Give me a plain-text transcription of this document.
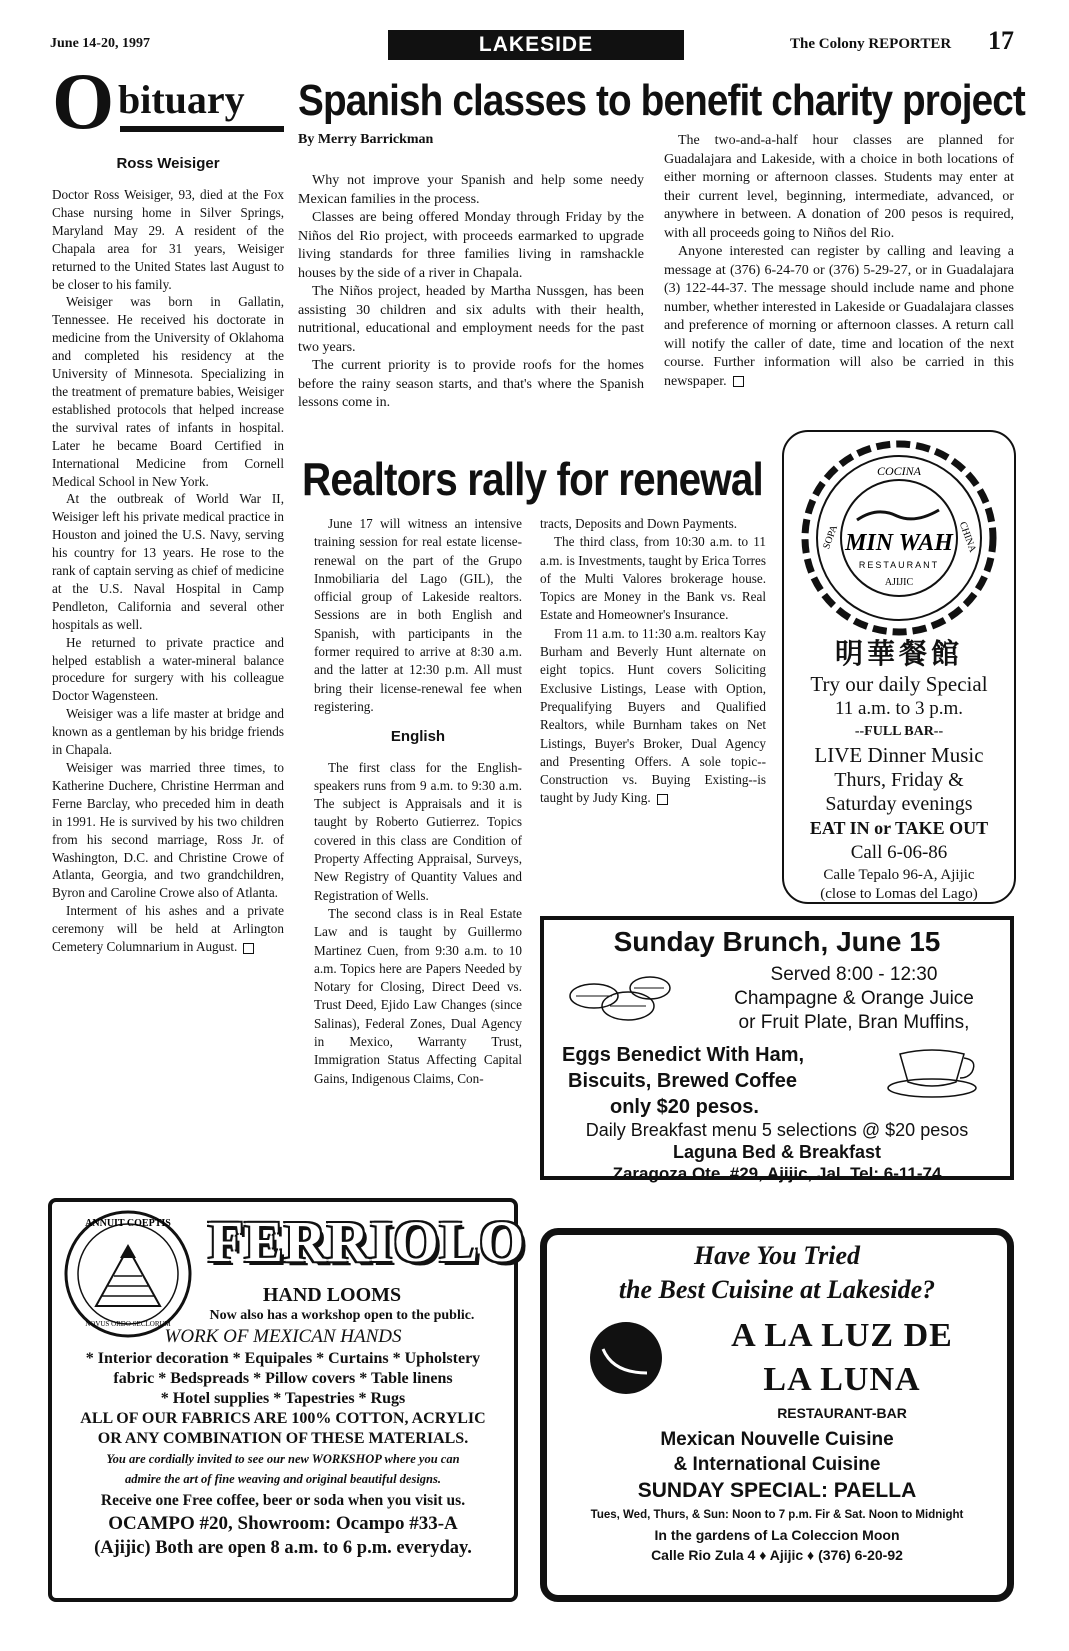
June 14-20, 1997	LAKESIDE	The Colony REPORTER 17
O bituary
Ross Weisiger

Doctor Ross Weisiger, 93, died at the Fox Chase nursing home in Silver Springs, Maryland May 29. A resident of the Chapala area for 31 years, Weisiger returned to the United States last August to be closer to his family.

Weisiger was born in Gallatin, Tennessee. He received his doctorate in medicine from the University of Oklahoma and completed his residency at the University of Minnesota. Specializing in the treatment of premature babies, Weisiger established protocols that helped increase the survival rates of infants in hospital. Later he became Board Certified in International Medicine from Cornell Medical School in New York.

At the outbreak of World War II, Weisiger left his private medical practice in Houston and joined the U.S. Navy, serving his country for 13 years. He rose to the rank of captain serving as chief of medicine at the U.S. Naval Hospital in Camp Pendleton, California and several other hospitals as well.

He returned to private practice and helped establish a water-mineral balance procedure for surgery with his colleague Doctor Wagensteen.

Weisiger was a life master at bridge and known as a gentleman by his bridge friends in Chapala.

Weisiger was married three times, to Katherine Duchere, Christine Herrman and Ferne Barclay, who preceded him in death in 1991. He is survived by his two children from his second marriage, Ross Jr. of Washington, D.C. and Christine Crowe of Atlanta, Georgia, and two grandchildren, Byron and Caroline Crowe also of Atlanta.

Interment of his ashes and a private ceremony will be held at Arlington Cemetery Columnarium in August.

Spanish classes to benefit charity project
By Merry Barrickman

Why not improve your Spanish and help some needy Mexican families in the process.

Classes are being offered Monday through Friday by the Niños del Rio project, with proceeds earmarked to upgrade living standards for three families living in ramshackle houses by the side of a river in Chapala.

The Niños project, headed by Martha Nussgen, has been assisting 30 children and six adults with their health, nutritional, educational and employment needs for the past two years.

The current priority is to provide roofs for the homes before the rainy season starts, and that's where the Spanish lessons come in.

The two-and-a-half hour classes are planned for Guadalajara and Lakeside, with a choice in both locations of either morning or afternoon classes. Students may enter at their current level, beginning, intermediate, advanced, or anywhere in between. A donation of 200 pesos is required, with all proceeds going to Niños del Rio.

Anyone interested can register by calling and leaving a message at (376) 6-24-70 or (376) 5-29-27, or in Guadalajara (3) 122-44-37. The message should include name and phone number, whether interested in Lakeside or Guadalajara classes and preference of morning or afternoon classes. A return call will notify the caller of date, time and location of the next course. Further information will also be carried in this newspaper.

Realtors rally for renewal

June 17 will witness an intensive training session for real estate license-renewal on the part of the Grupo Inmobiliaria del Lago (GIL), the official group of Lakeside realtors. Sessions are in both English and Spanish, with participants in the former required to arrive at 8:30 a.m. and the latter at 12:30 p.m. All must bring their license-renewal fee when registering.

English

The first class for the English-speakers runs from 9 a.m. to 9:30 a.m. The subject is Appraisals and it is taught by Roberto Gutierrez. Topics covered in this class are Condition of Property Affecting Appraisal, Surveys, New Registry of Quantity Values and Registration of Wells.

The second class is in Real Estate Law and is taught by Guillermo Martinez Cuen, from 9:30 a.m. to 10 a.m. Topics here are Papers Needed by Notary for Closing, Direct Deed vs. Trust Deed, Ejido Law Changes (since Salinas), Federal Zones, Dual Agency in Mexico, Warranty Trust, Immigration Status Affecting Capital Gains, Indigenous Claims, Con-

tracts, Deposits and Down Payments.

The third class, from 10:30 a.m. to 11 a.m. is Investments, taught by Erica Torres of the Multi Valores brokerage house. Topics are Money in the Bank vs. Real Estate and Homeowner's Insurance.

From 11 a.m. to 11:30 a.m. realtors Kay Burham and Beverly Hunt alternate on eight topics. Hunt covers Soliciting Exclusive Listings, Lease with Option, Prequalifying Buyers and Qualified Realtors, while Burnham takes on Net Listings, Buyer's Broker, Dual Agency and Presenting Offers. A sole topic--Construction vs. Buying Existing--is taught by Judy King.

COCINA
SOPA	CHINA
MIN WAH
RESTAURANT
AJIJIC
明華餐館
Try our daily Special
11 a.m. to 3 p.m.
--FULL BAR--
LIVE Dinner Music
Thurs, Friday &
Saturday evenings
EAT IN or TAKE OUT
Call 6-06-86
Calle Tepalo 96-A, Ajijic
(close to Lomas del Lago)
Sunday Brunch, June 15
Served 8:00 - 12:30
Champagne & Orange Juice
or Fruit Plate, Bran Muffins,
Eggs Benedict With Ham,
Biscuits, Brewed Coffee
only $20 pesos.
Daily Breakfast menu 5 selections @ $20 pesos
Laguna Bed & Breakfast
Zaragoza Ote. #29, Ajijic, Jal. Tel: 6-11-74
ANNUIT COEPTIS
NOVUS ORDO SECLORUM
FERRIOLO
HAND LOOMS
Now also has a workshop open to the public.
WORK OF MEXICAN HANDS
* Interior decoration * Equipales * Curtains * Upholstery
fabric * Bedspreads * Pillow covers * Table linens
* Hotel supplies * Tapestries * Rugs
ALL OF OUR FABRICS ARE 100% COTTON, ACRYLIC
OR ANY COMBINATION OF THESE MATERIALS.
You are cordially invited to see our new WORKSHOP where you can
admire the art of fine weaving and original beautiful designs.
Receive one Free coffee, beer or soda when you visit us.
OCAMPO #20, Showroom: Ocampo #33-A
(Ajijic) Both are open 8 a.m. to 6 p.m. everyday.
Have You Tried
the Best Cuisine at Lakeside?
A LA LUZ DE
LA LUNA
RESTAURANT-BAR
Mexican Nouvelle Cuisine
& International Cuisine
SUNDAY SPECIAL: PAELLA
Tues, Wed, Thurs, & Sun: Noon to 7 p.m. Fir & Sat. Noon to Midnight
In the gardens of La Coleccion Moon
Calle Rio Zula 4 ♦ Ajijic ♦ (376) 6-20-92
